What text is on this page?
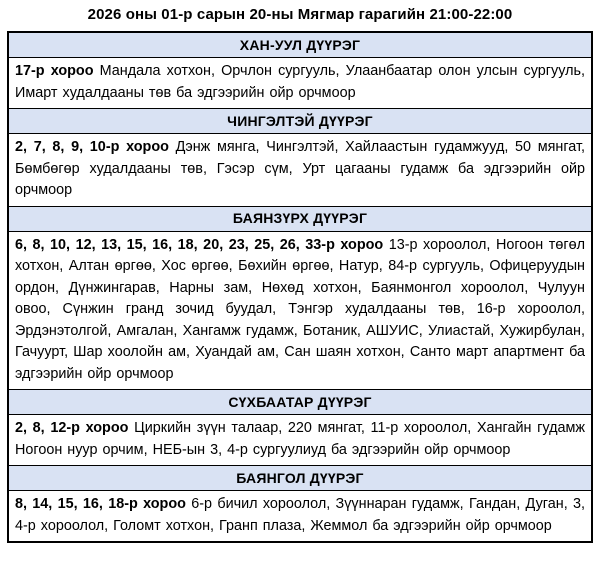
2026 оны 01-р сарын 20-ны Мягмар гарагийн 21:00-22:00
ХАН-УУЛ ДҮҮРЭГ
17-р хороо Мандала хотхон, Орчлон сургууль, Улаанбаатар олон улсын сургууль, Имарт худалдааны төв ба эдгээрийн ойр орчмоор
ЧИНГЭЛТЭЙ ДҮҮРЭГ
2, 7, 8, 9, 10-р хороо Дэнж мянга, Чингэлтэй, Хайлаастын гудамжууд, 50 мянгат, Бөмбөгөр худалдааны төв, Гэсэр сүм, Урт цагааны гудамж ба эдгээрийн ойр орчмоор
БАЯНЗҮРХ ДҮҮРЭГ
6, 8, 10, 12, 13, 15, 16, 18, 20, 23, 25, 26, 33-р хороо 13-р хороолол, Ногоон төгөл хотхон, Алтан өргөө, Хос өргөө, Бөхийн өргөө, Натур, 84-р сургууль, Офицеруудын ордон, Дүнжингарав, Нарны зам, Нөхөд хотхон, Баянмонгол хороолол, Чулуун овоо, Сүнжин гранд зочид буудал, Тэнгэр худалдааны төв, 16-р хороолол, Эрдэнэтолгой, Амгалан, Хангамж гудамж, Ботаник, АШУИС, Улиастай, Хужирбулан, Гачуурт, Шар хоолойн ам, Хуандай ам, Сан шаян хотхон, Санто март апартмент ба эдгээрийн ойр орчмоор
СҮХБААТАР ДҮҮРЭГ
2, 8, 12-р хороо Циркийн зүүн талаар, 220 мянгат, 11-р хороолол, Хангайн гудамж Ногоон нуур орчим, НЕБ-ын 3, 4-р сургуулиуд ба эдгээрийн ойр орчмоор
БАЯНГОЛ ДҮҮРЭГ
8, 14, 15, 16, 18-р хороо 6-р бичил хороолол, Зүүннаран гудамж, Гандан, Дуган, 3, 4-р хороолол, Голомт хотхон, Гранп плаза, Жеммол ба эдгээрийн ойр орчмоор
